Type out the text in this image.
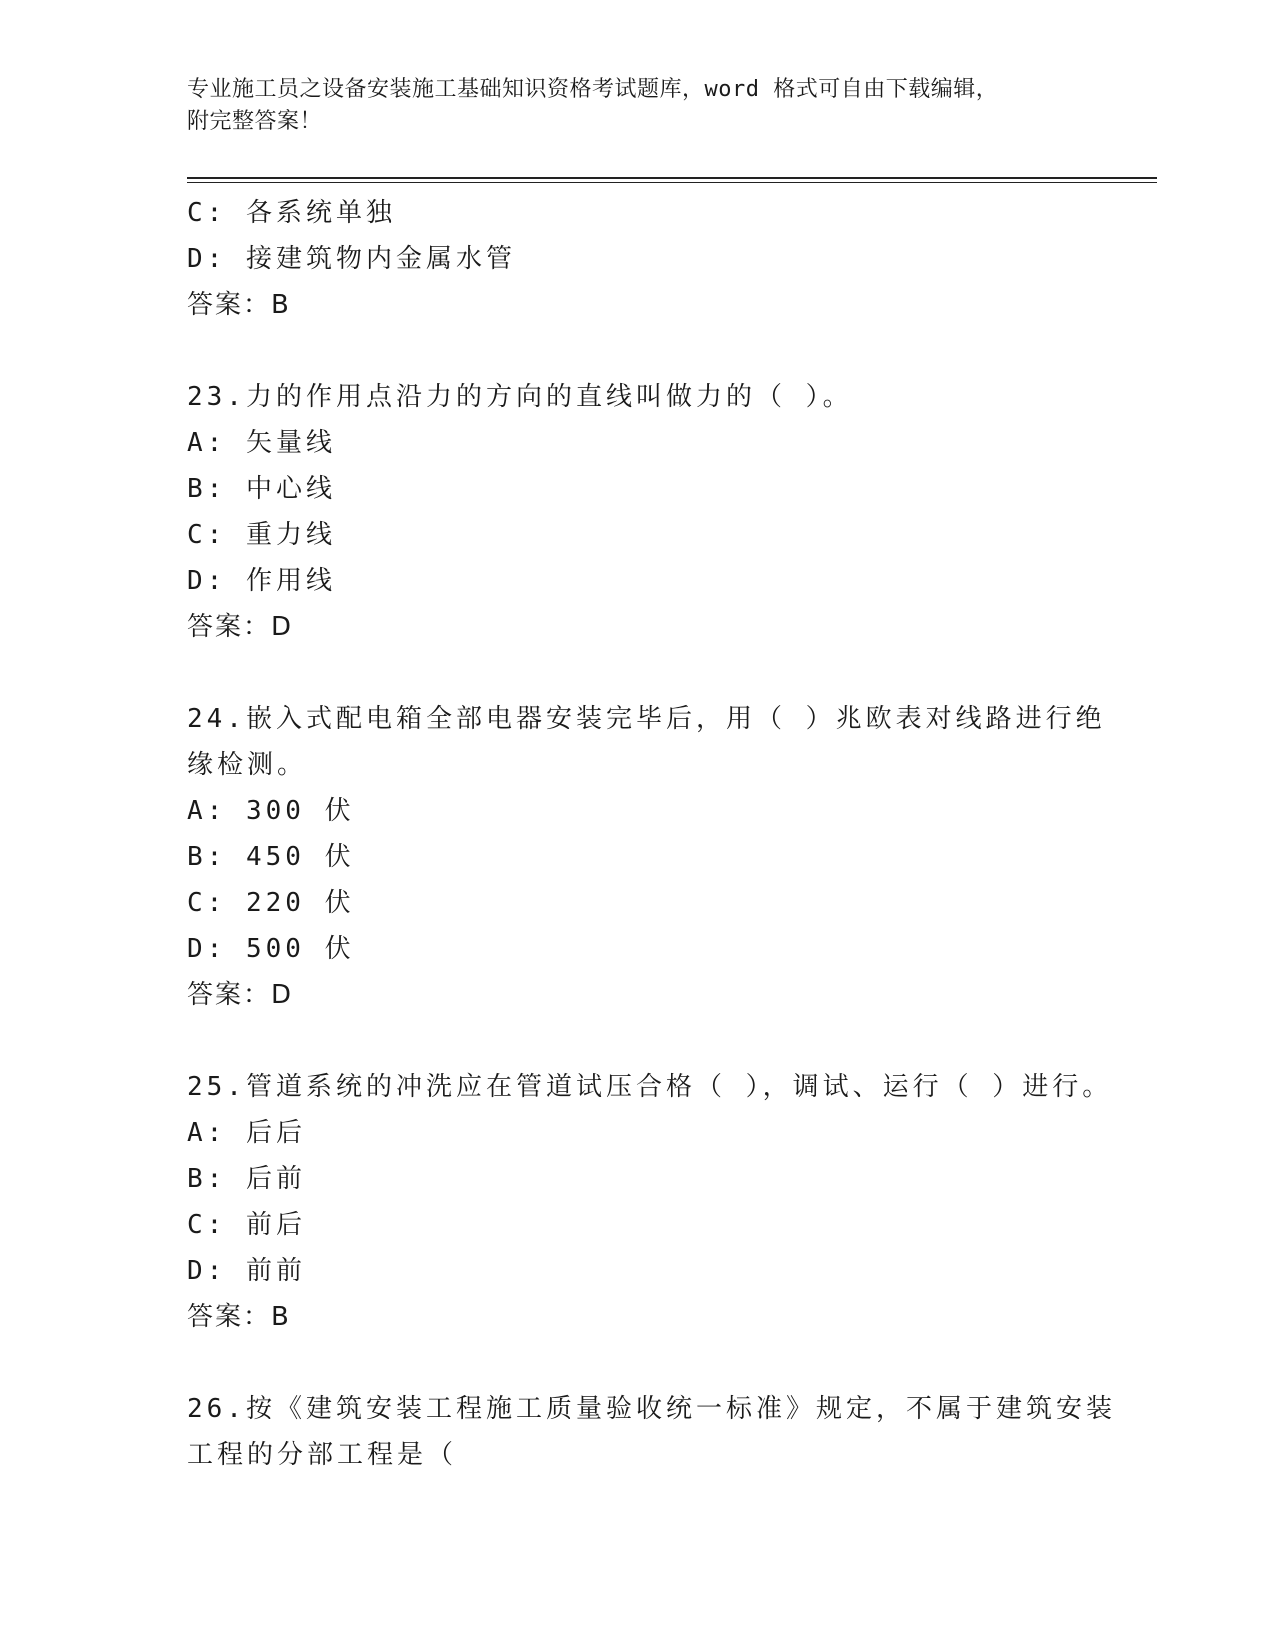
专业施工员之设备安装施工基础知识资格考试题库，word 格式可自由下载编辑，
附完整答案！
C: 各系统单独
D: 接建筑物内金属水管
答案：B
23.力的作用点沿力的方向的直线叫做力的（ ）。
A: 矢量线
B: 中心线
C: 重力线
D: 作用线
答案：D
24.嵌入式配电箱全部电器安装完毕后，用（ ）兆欧表对线路进行绝
缘检测。
A: 300 伏
B: 450 伏
C: 220 伏
D: 500 伏
答案：D
25.管道系统的冲洗应在管道试压合格（ ），调试、运行（ ）进行。
A: 后后
B: 后前
C: 前后
D: 前前
答案：B
26.按《建筑安装工程施工质量验收统一标准》规定，不属于建筑安装
工程的分部工程是（
